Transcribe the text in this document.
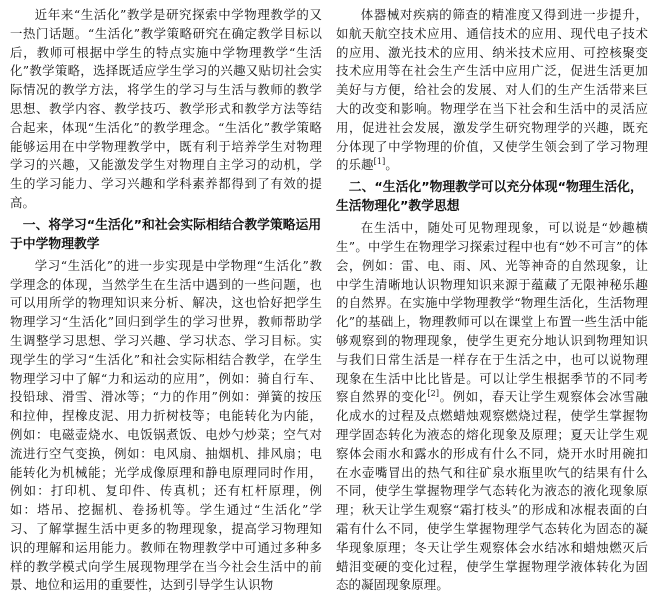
近年来“生活化”教学是研究探索中学物理教学的又一热门话题。“生活化”教学策略研究在确定教学目标以后，教师可根据中学生的特点实施中学物理教学“生活化”教学策略，选择既适应学生学习的兴趣又贴切社会实际情况的教学方法，将学生的学习与生活与教师的教学思想、教学内容、教学技巧、教学形式和教学方法等结合起来，体现“生活化”的教学理念。“生活化”教学策略能够运用在中学物理教学中，既有利于培养学生对物理学习的兴趣，又能激发学生对物理自主学习的动机，学生的学习能力、学习兴趣和学科素养都得到了有效的提高。

一、将学习“生活化”和社会实际相结合教学策略运用于中学物理教学

学习“生活化”的进一步实现是中学物理“生活化”教学理念的体现，当然学生在生活中遇到的一些问题，也可以用所学的物理知识来分析、解决，这也恰好把学生物理学习“生活化”回归到学生的学习世界，教师帮助学生调整学习思想、学习兴趣、学习状态、学习目标。实现学生的学习“生活化”和社会实际相结合教学，在学生物理学习中了解“力和运动的应用”，例如：骑自行车、投铅球、滑雪、滑冰等；“力的作用”例如：弹簧的按压和拉伸，捏橡皮泥、用力折树枝等；电能转化为内能，例如：电磁壶烧水、电饭锅煮饭、电炒勺炒菜；空气对流进行空气变换，例如：电风扇、抽烟机、排风扇；电能转化为机械能；光学成像原理和静电原理同时作用，例如：打印机、复印件、传真机；还有杠杆原理，例如：塔吊、挖掘机、卷扬机等。学生通过“生活化”学习、了解掌握生活中更多的物理现象，提高学习物理知识的理解和运用能力。教师在物理教学中可通过多种多样的教学模式向学生展现物理学在当今社会生活中的前景、地位和运用的重要性，达到引导学生认识物

体器械对疾病的筛查的精准度又得到进一步提升，如航天航空技术应用、通信技术的应用、现代电子技术的应用、激光技术的应用、纳米技术应用、可控核聚变技术应用等在社会生产生活中应用广泛，促进生活更加美好与方便，给社会的发展、对人们的生产生活带来巨大的改变和影响。物理学在当下社会和生活中的灵活应用，促进社会发展，激发学生研究物理学的兴趣，既充分体现了中学物理的价值，又使学生领会到了学习物理的乐趣[1]。

二、“生活化”物理教学可以充分体现“物理生活化，生活物理化”教学思想

在生活中，随处可见物理现象，可以说是“妙趣横生”。中学生在物理学习探索过程中也有“妙不可言”的体会，例如：雷、电、雨、风、光等神奇的自然现象，让中学生清晰地认识物理知识来源于蕴藏了无限神秘乐趣的自然界。在实施中学物理教学“物理生活化，生活物理化”的基础上，物理教师可以在课堂上布置一些生活中能够观察到的物理现象，使学生更充分地认识到物理知识与我们日常生活是一样存在于生活之中，也可以说物理现象在生活中比比皆是。可以让学生根据季节的不同考察自然界的变化[2]。例如，春天让学生观察体会冰雪融化成水的过程及点燃蜡烛观察燃烧过程，使学生掌握物理学固态转化为液态的熔化现象及原理；夏天让学生观察体会雨水和露水的形成有什么不同，烧开水时用碗扣在水壶嘴冒出的热气和往矿泉水瓶里吹气的结果有什么不同，使学生掌握物理学气态转化为液态的液化现象原理；秋天让学生观察“霜打枝头”的形成和冰棍表面的白霜有什么不同，使学生掌握物理学气态转化为固态的凝华现象原理；冬天让学生观察体会水结冰和蜡烛燃灭后蜡泪变硬的变化过程，使学生掌握物理学液体转化为固态的凝固现象原理。
